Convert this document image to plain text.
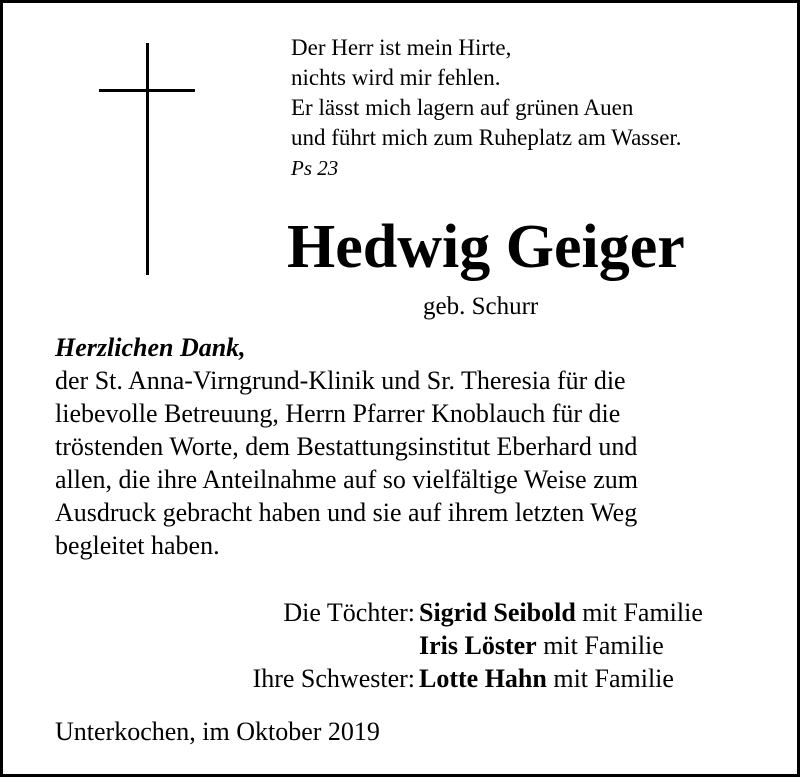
Der Herr ist mein Hirte,
nichts wird mir fehlen.
Er lässt mich lagern auf grünen Auen
und führt mich zum Ruheplatz am Wasser.
Ps 23
Hedwig Geiger
geb. Schurr
Herzlichen Dank,
der St. Anna-Virngrund-Klinik und Sr. Theresia für die
liebevolle Betreuung, Herrn Pfarrer Knoblauch für die
tröstenden Worte, dem Bestattungsinstitut Eberhard und
allen, die ihre Anteilnahme auf so vielfältige Weise zum
Ausdruck gebracht haben und sie auf ihrem letzten Weg
begleitet haben.
Die Töchter: Sigrid Seibold mit Familie
Iris Löster mit Familie
Ihre Schwester: Lotte Hahn mit Familie
Unterkochen, im Oktober 2019
